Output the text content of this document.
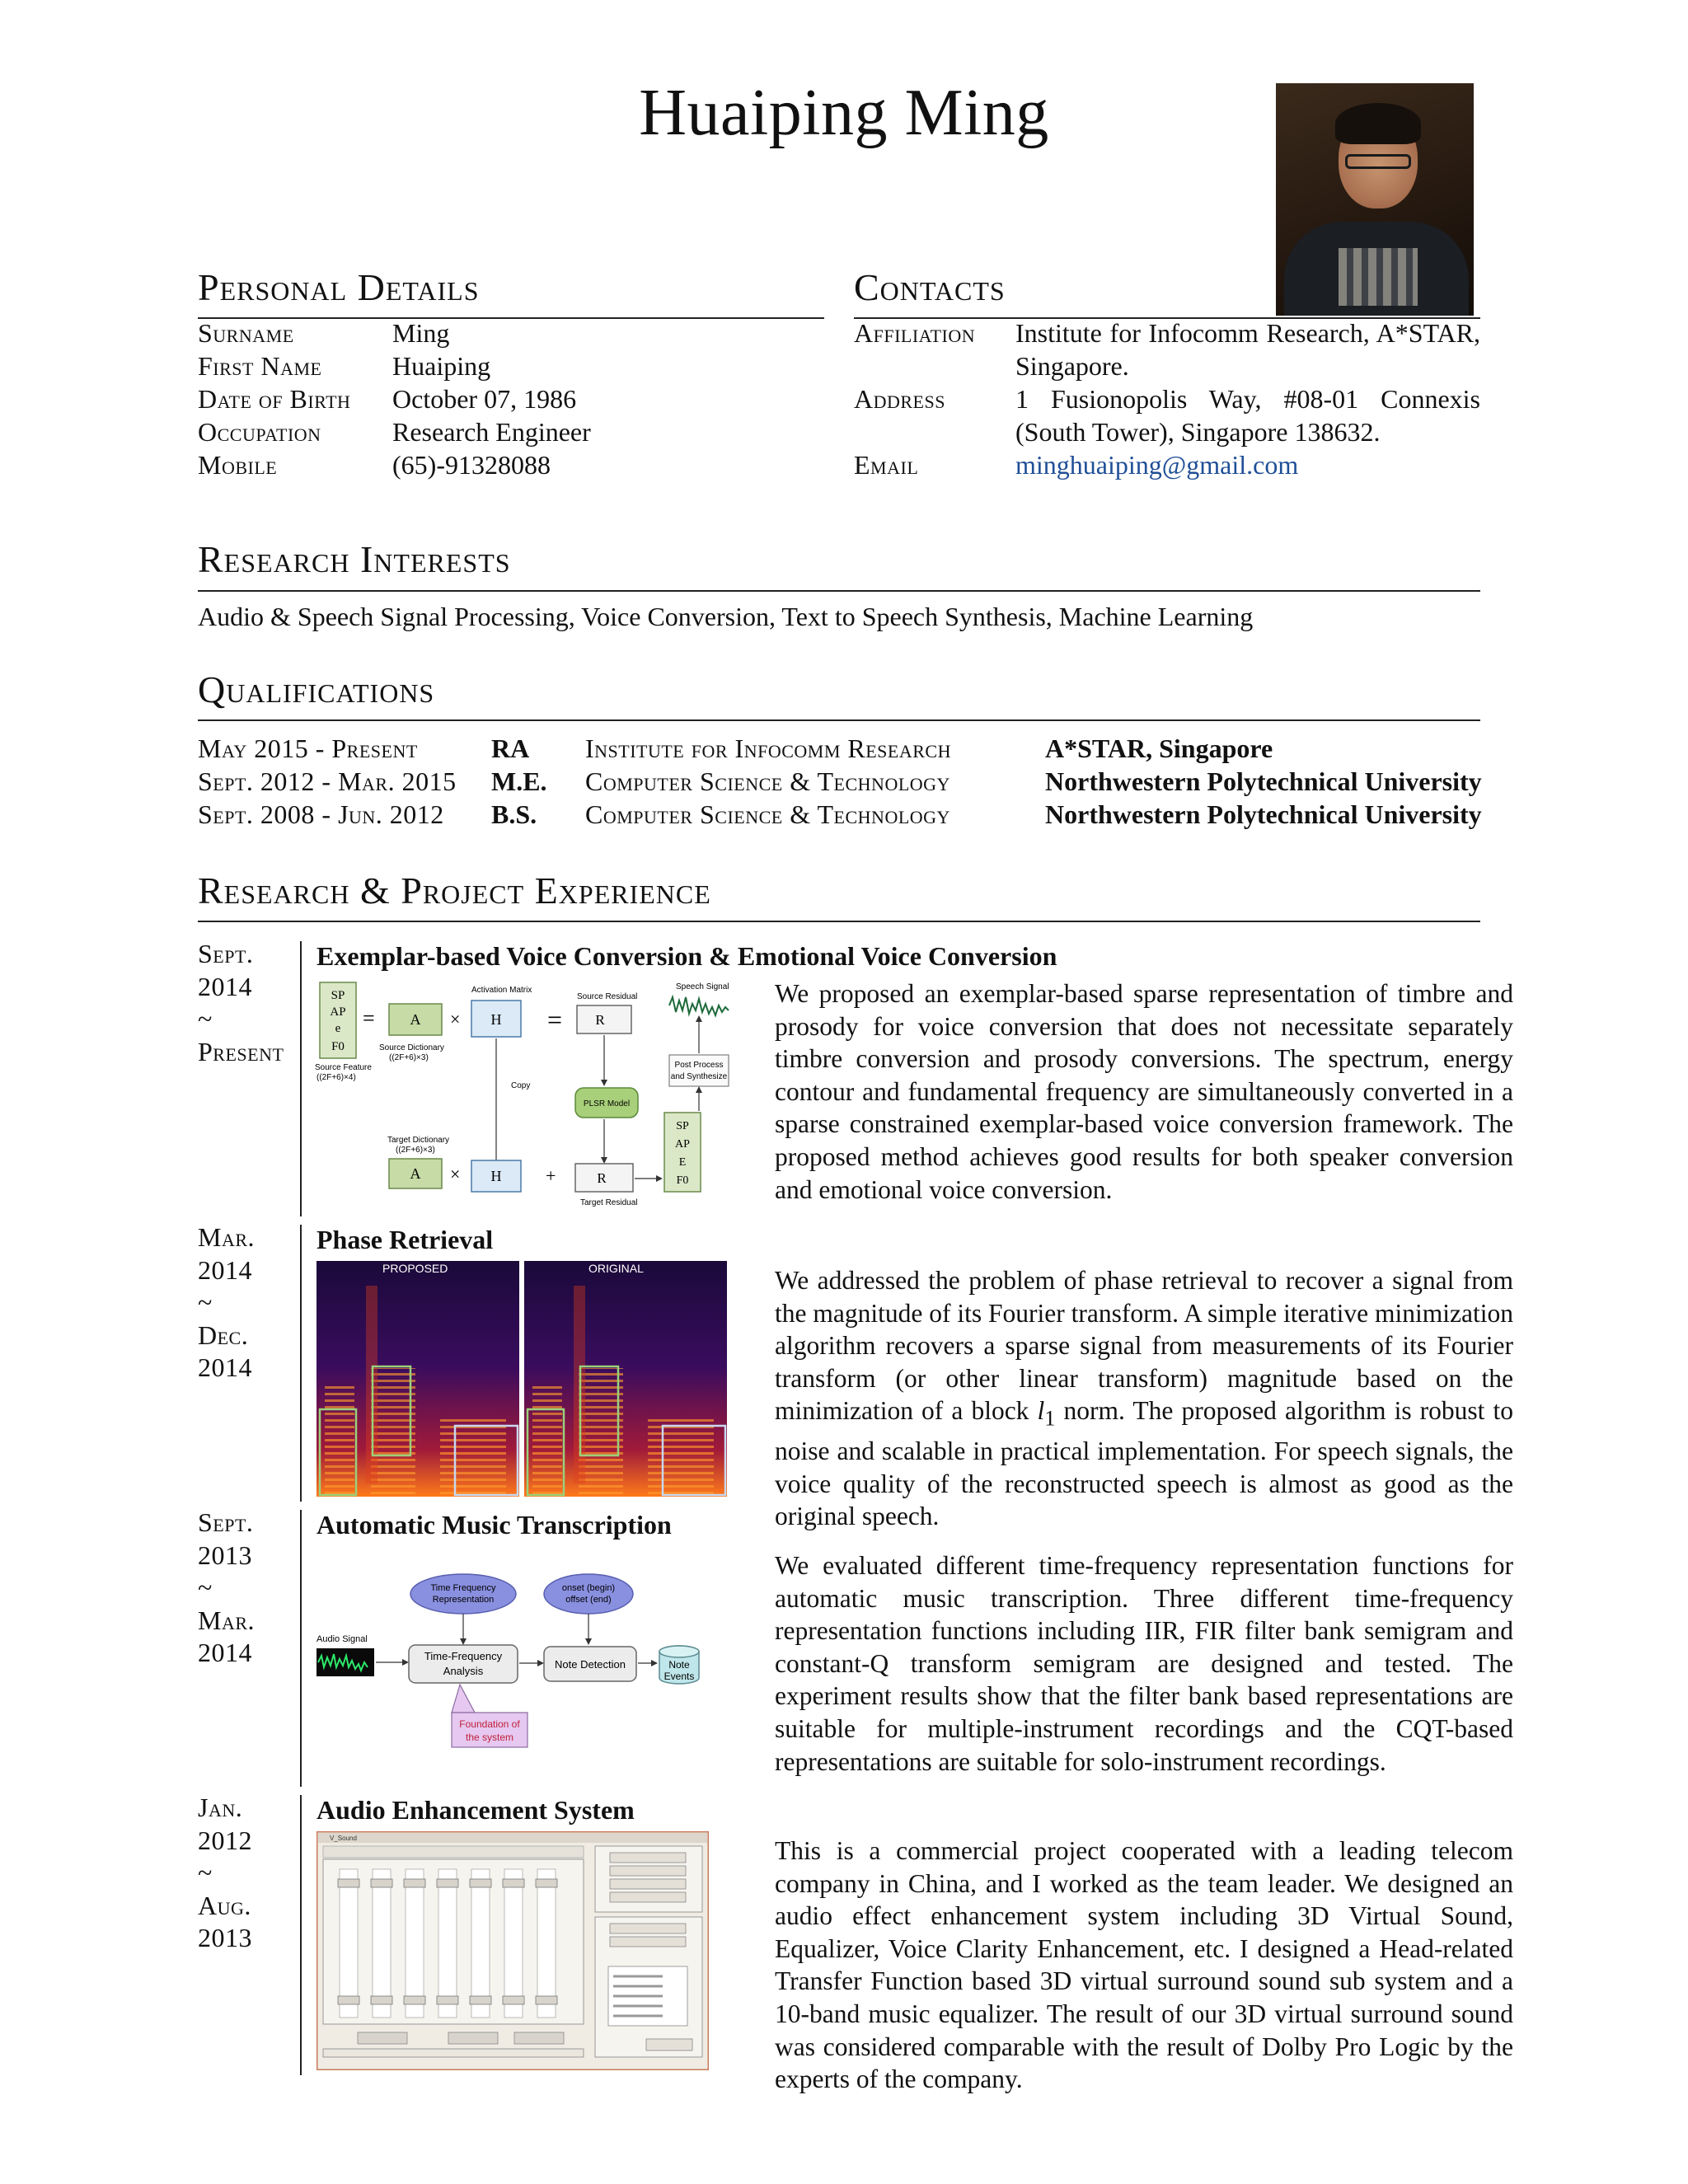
Huaiping Ming
Personal Details
Surname	Ming
First Name	Huaiping
Date of Birth October 07, 1986
Occupation	Research Engineer
Mobile	(65)-91328088
Contacts
Affiliation Institute for Infocomm Research, A*STAR,
Singapore.
Address	1 Fusionopolis Way, #08-01 Connexis
(South Tower), Singapore 138632.
Email	minghuaiping@gmail.com
Research Interests
Audio & Speech Signal Processing, Voice Conversion, Text to Speech Synthesis, Machine Learning
Qualifications
May 2015 - Present	RA Institute for Infocomm Research	A*STAR, Singapore
Sept. 2012 - Mar. 2015 M.E. Computer Science & Technology	Northwestern Polytechnical University
Sept. 2008 - Jun. 2012 B.S. Computer Science & Technology	Northwestern Polytechnical University
Research & Project Experience
Sept.
2014
~
Present
Exemplar-based Voice Conversion & Emotional Voice Conversion
We proposed an exemplar-based sparse representation of timbre and prosody for voice conversion that does not necessitate separately timbre conversion and prosody conversions. The spectrum, energy contour and fundamental frequency are simultaneously converted in a sparse constrained exemplar-based voice conversion framework. The proposed method achieves good results for both speaker conversion and emotional voice conversion.
SP
AP
e
F0
Source Feature
((2F+6)×4)
= A
Source Dictionary
((2F+6)×3)
×
Activation Matrix
H =
Source Residual
R
Speech Signal
Post Process
and Synthesize
Copy
PLSR Model
Target Dictionary
((2F+6)×3)
A × H +	R
Target Residual
SP
AP
E
F0
Mar.
2014
~
Dec.
2014
Phase Retrieval
We addressed the problem of phase retrieval to recover a signal from the magnitude of its Fourier transform. A simple iterative minimization algorithm recovers a sparse signal from measurements of its Fourier transform (or other linear transform) magnitude based on the minimization of a block $l_1$ norm. The proposed algorithm is robust to noise and scalable in practical implementation. For speech signals, the voice quality of the reconstructed speech is almost as good as the original speech.
PROPOSED	ORIGINAL
Sept.
2013
~
Mar.
2014
Automatic Music Transcription
We evaluated different time-frequency representation functions for automatic music transcription. Three different time-frequency representation functions including IIR, FIR filter bank semigram and constant-Q transform semigram are designed and tested. The experiment results show that the filter bank based representations are suitable for multiple-instrument recordings and the CQT-based representations are suitable for solo-instrument recordings.
Time Frequency
Representation
onset (begin)
offset (end)
Audio Signal
Time-Frequency
Analysis
Note Detection	Note
Events
Foundation of
the system
Jan.
2012
~
Aug.
2013
Audio Enhancement System
This is a commercial project cooperated with a leading telecom company in China, and I worked as the team leader. We designed an audio effect enhancement system including 3D Virtual Sound, Equalizer, Voice Clarity Enhancement, etc. I designed a Head-related Transfer Function based 3D virtual surround sound sub system and a 10-band music equalizer. The result of our 3D virtual surround sound was considered comparable with the result of Dolby Pro Logic by the experts of the company.
V_Sound
